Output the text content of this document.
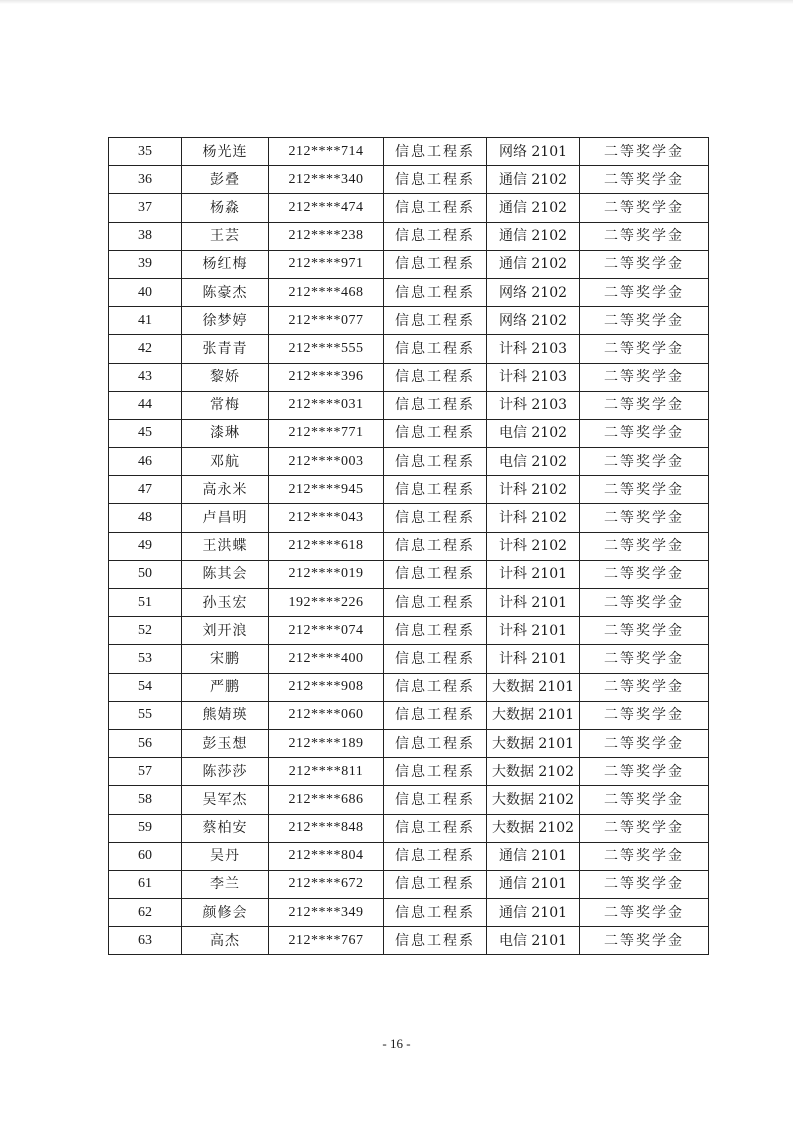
35	杨光连	212****714	信息工程系	网络 2101	二等奖学金
36	彭叠	212****340	信息工程系	通信 2102	二等奖学金
37	杨淼	212****474	信息工程系	通信 2102	二等奖学金
38	王芸	212****238	信息工程系	通信 2102	二等奖学金
39	杨红梅	212****971	信息工程系	通信 2102	二等奖学金
40	陈豪杰	212****468	信息工程系	网络 2102	二等奖学金
41	徐梦婷	212****077	信息工程系	网络 2102	二等奖学金
42	张青青	212****555	信息工程系	计科 2103	二等奖学金
43	黎娇	212****396	信息工程系	计科 2103	二等奖学金
44	常梅	212****031	信息工程系	计科 2103	二等奖学金
45	漆琳	212****771	信息工程系	电信 2102	二等奖学金
46	邓航	212****003	信息工程系	电信 2102	二等奖学金
47	高永米	212****945	信息工程系	计科 2102	二等奖学金
48	卢昌明	212****043	信息工程系	计科 2102	二等奖学金
49	王洪蝶	212****618	信息工程系	计科 2102	二等奖学金
50	陈其会	212****019	信息工程系	计科 2101	二等奖学金
51	孙玉宏	192****226	信息工程系	计科 2101	二等奖学金
52	刘开浪	212****074	信息工程系	计科 2101	二等奖学金
53	宋鹏	212****400	信息工程系	计科 2101	二等奖学金
54	严鹏	212****908	信息工程系	大数据 2101	二等奖学金
55	熊婧瑛	212****060	信息工程系	大数据 2101	二等奖学金
56	彭玉想	212****189	信息工程系	大数据 2101	二等奖学金
57	陈莎莎	212****811	信息工程系	大数据 2102	二等奖学金
58	吴军杰	212****686	信息工程系	大数据 2102	二等奖学金
59	蔡柏安	212****848	信息工程系	大数据 2102	二等奖学金
60	吴丹	212****804	信息工程系	通信 2101	二等奖学金
61	李兰	212****672	信息工程系	通信 2101	二等奖学金
62	颜修会	212****349	信息工程系	通信 2101	二等奖学金
63	高杰	212****767	信息工程系	电信 2101	二等奖学金
- 16 -
